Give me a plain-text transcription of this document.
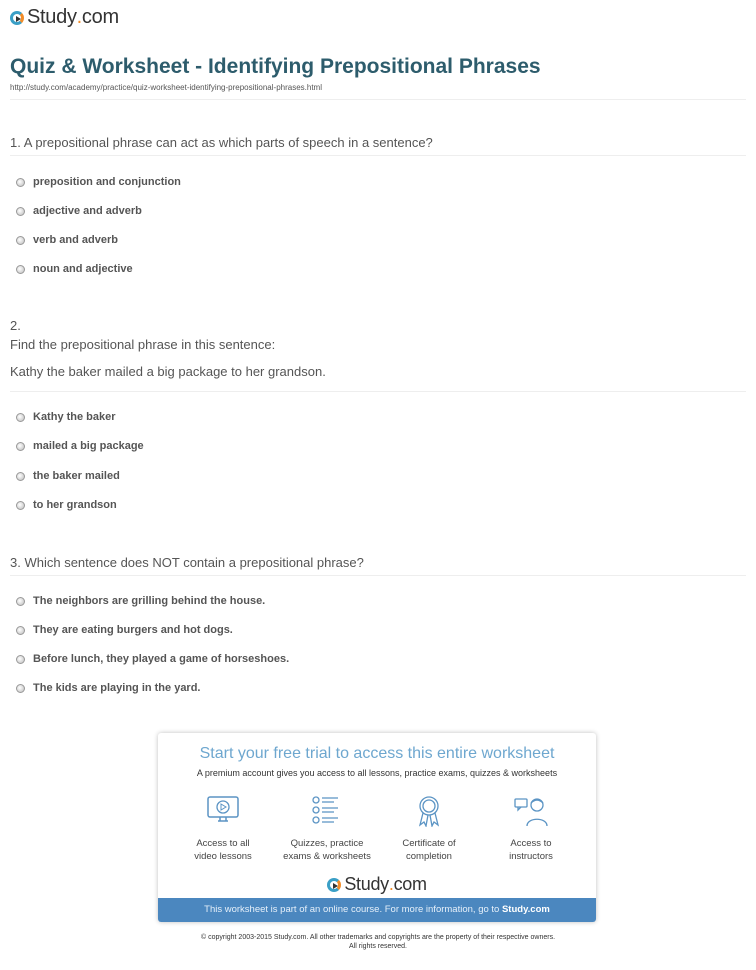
Study . com
Quiz & Worksheet - Identifying Prepositional Phrases
http://study.com/academy/practice/quiz-worksheet-identifying-prepositional-phrases.html
1. A prepositional phrase can act as which parts of speech in a sentence?
preposition and conjunction
adjective and adverb
verb and adverb
noun and adjective
2.
Find the prepositional phrase in this sentence:
Kathy the baker mailed a big package to her grandson.
Kathy the baker
mailed a big package
the baker mailed
to her grandson
3. Which sentence does NOT contain a prepositional phrase?
The neighbors are grilling behind the house.
They are eating burgers and hot dogs.
Before lunch, they played a game of horseshoes.
The kids are playing in the yard.
Start your free trial to access this entire worksheet
A premium account gives you access to all lessons, practice exams, quizzes & worksheets
Access to all
video lessons
Quizzes, practice
exams & worksheets
Certificate of
completion
Access to
instructors
Study . com
This worksheet is part of an online course. For more information, go to Study.com
© copyright 2003-2015 Study.com. All other trademarks and copyrights are the property of their respective owners.
All rights reserved.
